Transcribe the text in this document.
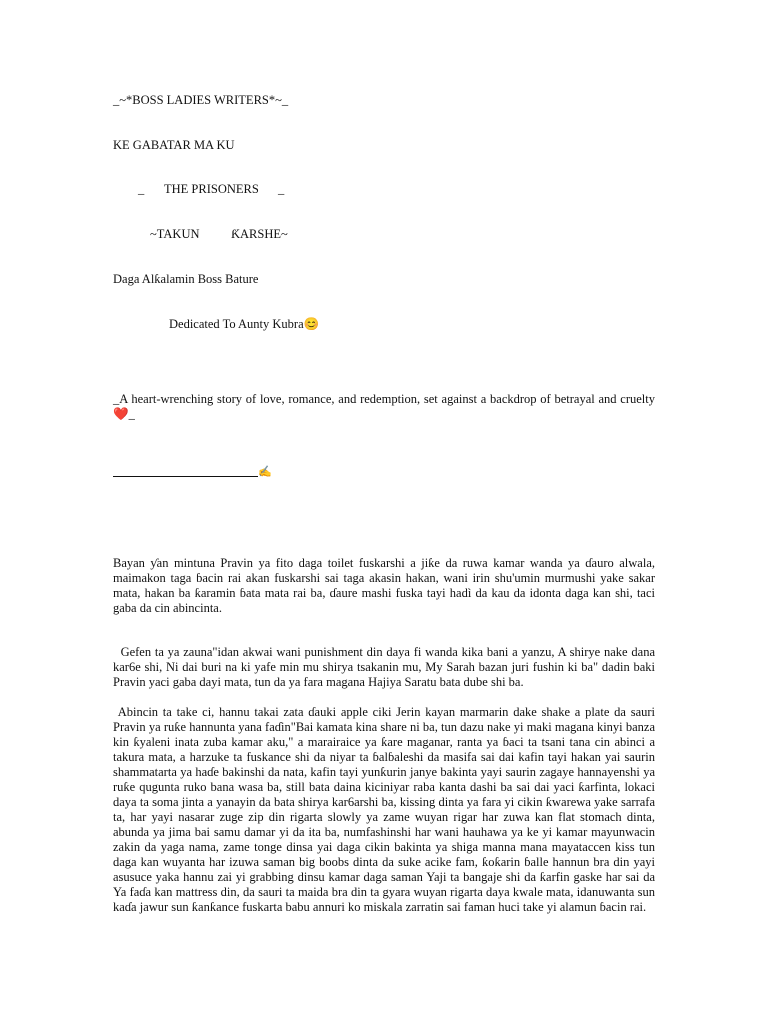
_~*BOSS LADIES WRITERS*~_
KE GABATAR MA KU
_ THE PRISONERS _
~TAKUN	ƘARSHE~
Daga Alƙalamin Boss Bature
Dedicated To Aunty Kubra😊
_A heart-wrenching story of love, romance, and redemption, set against a backdrop of betrayal and cruelty ❤️_
✍️
Bayan ƴan mintuna Pravin ya fito daga toilet fuskarshi a jiƙe da ruwa kamar wanda ya ɗauro alwala, maimakon taga ɓacin rai akan fuskarshi sai taga akasin hakan, wani irin shu'umin murmushi yake sakar mata, hakan ba ƙaramin ɓata mata rai ba, ɗaure mashi fuska tayi hadì da kau da idonta daga kan shi, taci gaba da cin abincinta.
Gefen ta ya zauna"idan akwai wani punishment din daya fi wanda kika bani a yanzu, A shirye nake dana kar6e shi, Ni dai buri na ki yafe min mu shirya tsakanin mu, My Sarah bazan juri fushin ki ba" dadin baki Pravin yaci gaba dayi mata, tun da ya fara magana Hajiya Saratu bata dube shi ba.
Abincin ta take ci, hannu takai zata ɗauki apple ciki Jerin kayan marmarin dake shake a plate da sauri Pravin ya ruƙe hannunta yana faɗin"Bai kamata kina share ni ba, tun dazu nake yi maki magana kinyi banza kin ƙyaleni inata zuba kamar aku," a marairaice ya ƙare maganar, ranta ya ɓaci ta tsani tana cin abinci a takura mata, a harzuke ta fuskance shi da niyar ta ɓalɓaleshi da masifa sai dai kafin tayi hakan yai saurin shammatarta ya haɗe bakinshi da nata, kafin tayi yunƙurin janye bakinta yayi saurin zagaye hannayenshi ya ruƙe qugunta ruko bana wasa ba, still bata daina kiciniyar raba kanta dashi ba sai dai yaci ƙarfinta, lokaci daya ta soma jinta a yanayin da bata shirya kar6arshi ba, kissing dinta ya fara yi cikin ƙwarewa yake sarrafa ta, har yayi nasarar zuge zip din rigarta slowly ya zame wuyan rigar har zuwa kan flat stomach dinta, abunda ya jima bai samu damar yi da ita ba, numfashinshi har wani hauhawa ya ke yi kamar mayunwacin zakin da yaga nama, zame tonge dinsa yai daga cikin bakinta ya shiga manna mana mayataccen kiss tun daga kan wuyanta har izuwa saman big boobs dinta da suke acike fam, ƙoƙarin ɓalle hannun bra din yayi asusuce yaka hannu zai yi grabbing dinsu kamar daga saman Yaji ta bangaje shi da ƙarfin gaske har sai da Ya faɗa kan mattress din, da sauri ta maida bra din ta gyara wuyan rigarta daya kwale mata, idanuwanta sun kaɗa jawur sun ƙanƙance fuskarta babu annuri ko miskala zarratin sai faman huci take yi alamun ɓacin rai.
